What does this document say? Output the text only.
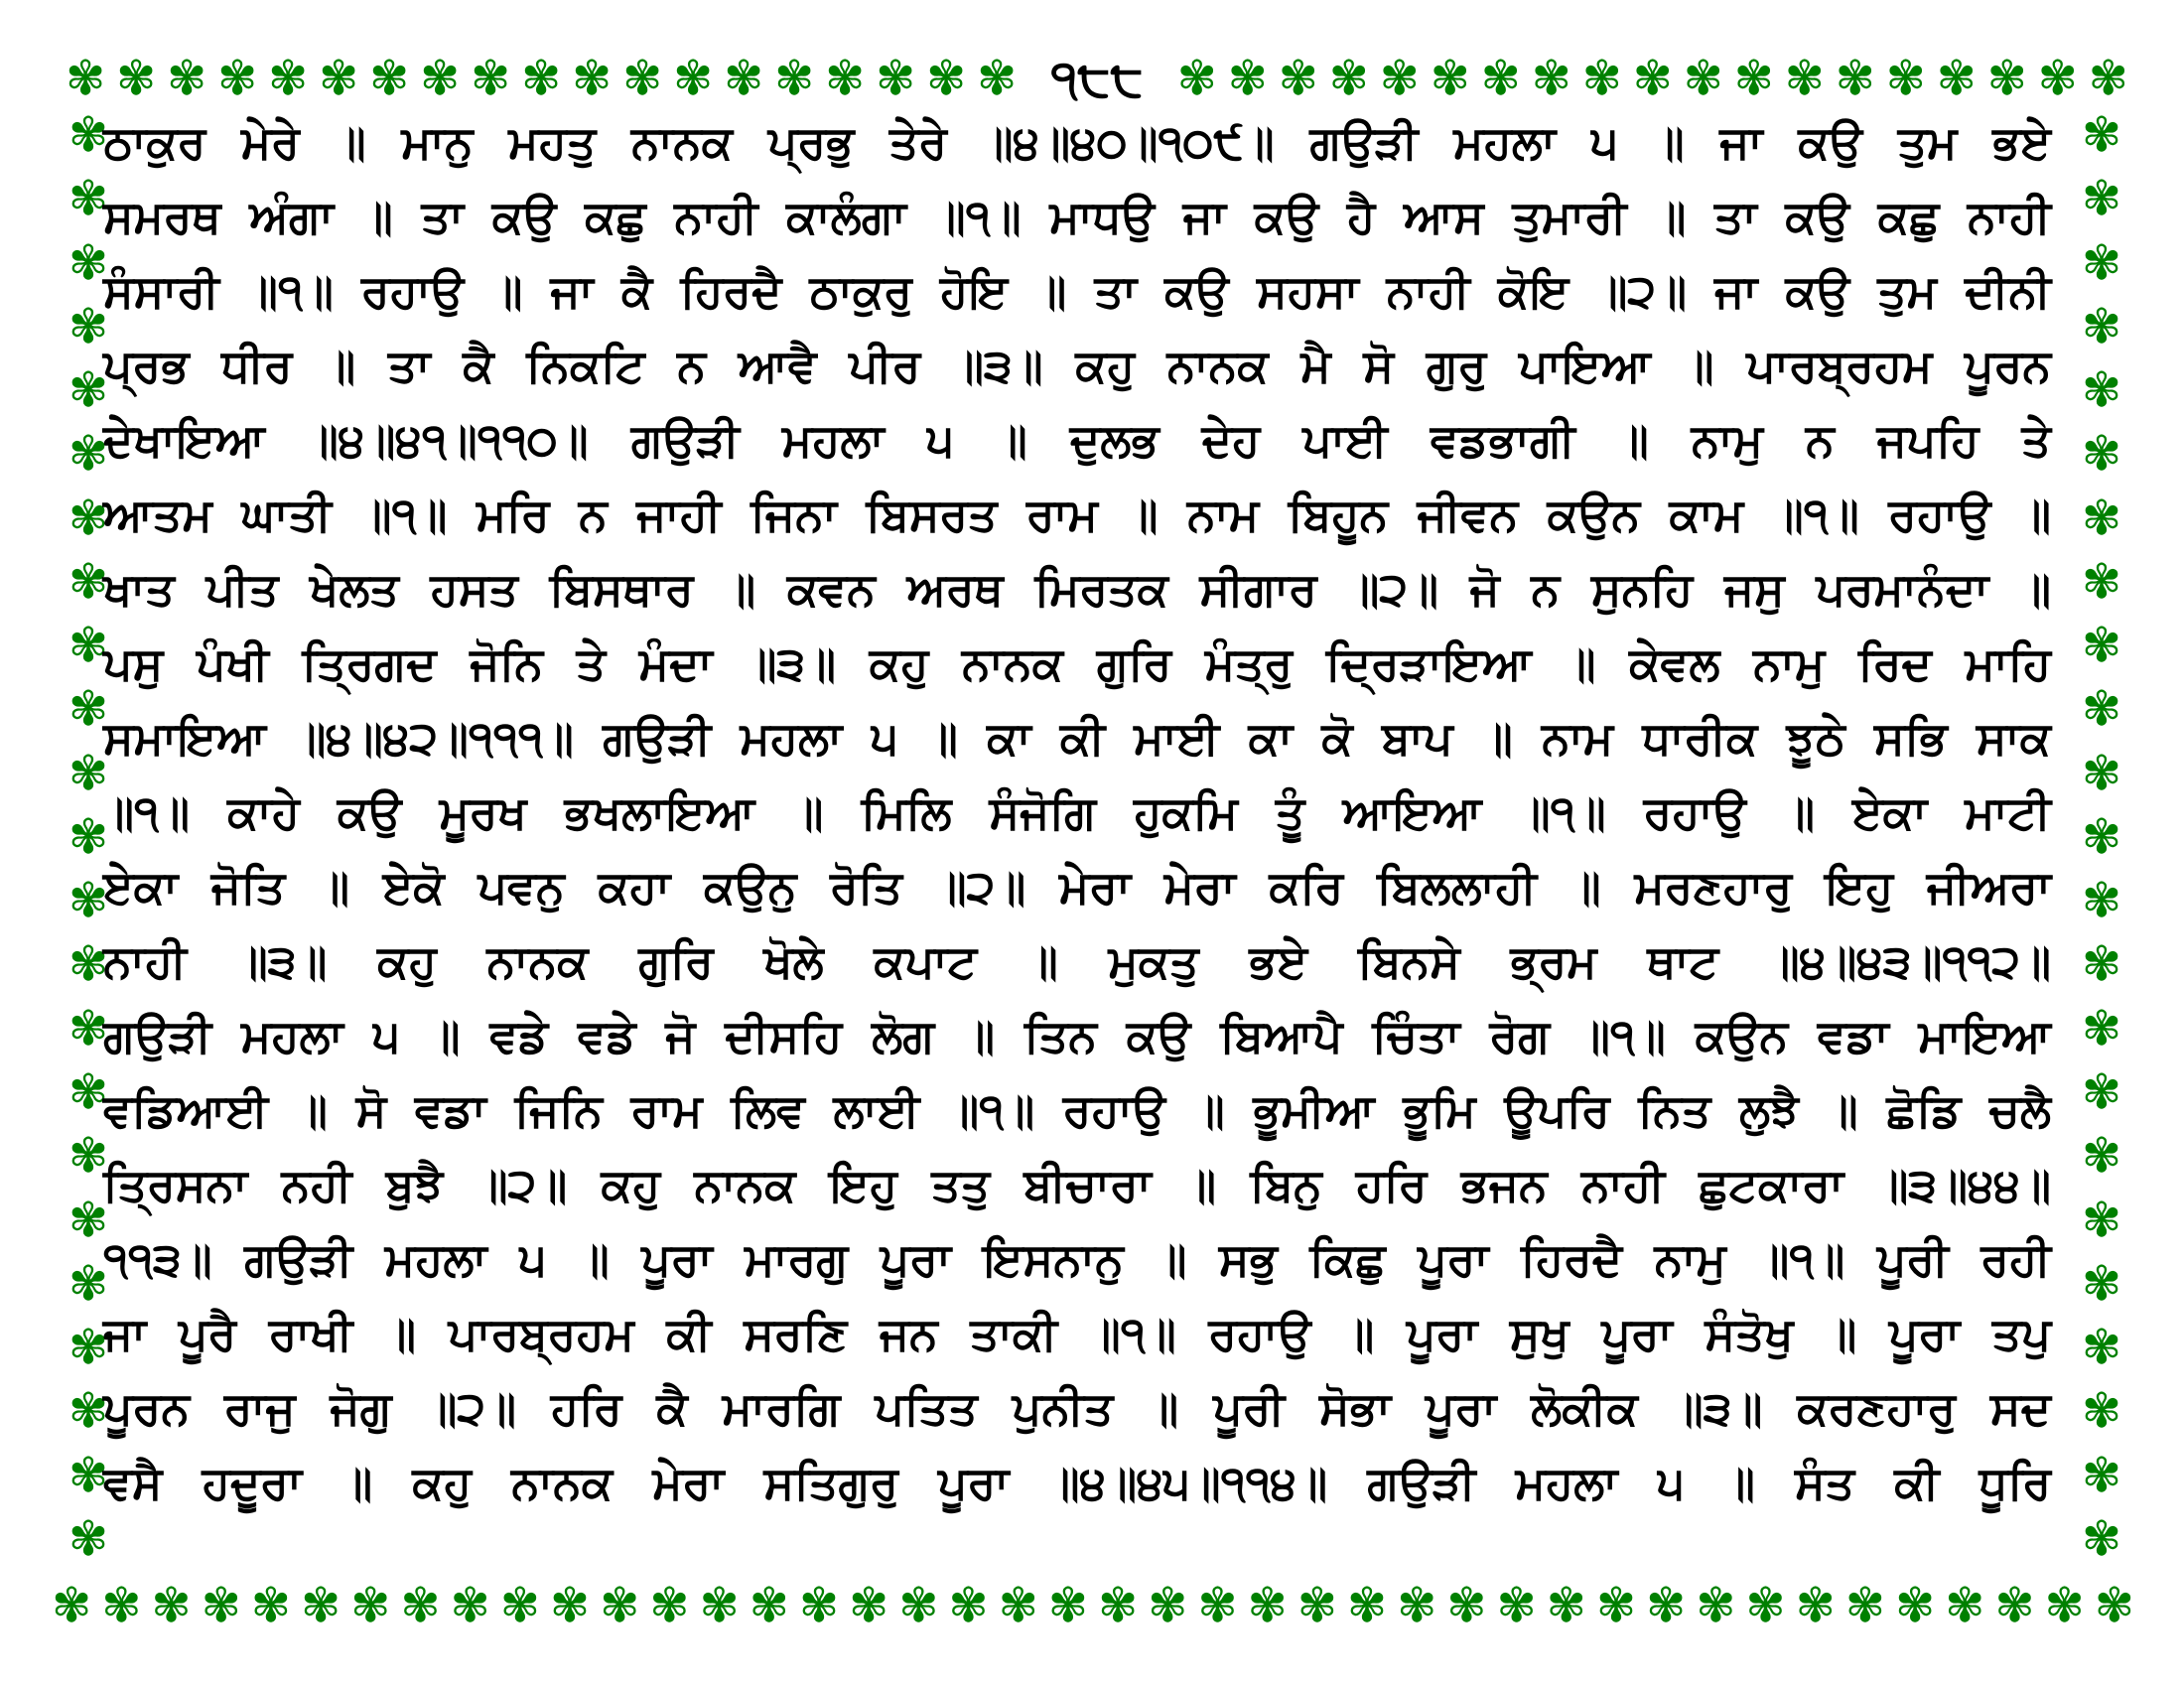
✾ ✾ ✾ ✾ ✾ ✾ ✾ ✾ ✾ ✾ ✾ ✾ ✾ ✾ ✾ ✾ ✾ ✾ ✾ ੧੮੮ ✾ ✾ ✾ ✾ ✾ ✾ ✾ ✾ ✾ ✾ ✾ ✾ ✾ ✾ ✾ ✾ ✾ ✾ ✾
✾
✾
✾
✾
✾
✾
✾
✾
✾
✾
✾
✾
✾
✾
✾
✾
✾
✾
✾
✾
✾
✾
✾
✾
✾
✾
✾
✾
✾
✾
✾
✾
✾
✾
✾
✾
✾
✾
✾
✾
✾
✾
✾
✾
✾
✾
✾ ✾ ✾ ✾ ✾ ✾ ✾ ✾ ✾ ✾ ✾ ✾ ✾ ✾ ✾ ✾ ✾ ✾ ✾ ✾ ✾ ✾ ✾ ✾ ✾ ✾ ✾ ✾ ✾ ✾ ✾ ✾ ✾ ✾ ✾ ✾ ✾ ✾ ✾ ✾ ✾ ✾
ਠਾਕੁਰ ਮੇਰੇ ॥ ਮਾਨੁ ਮਹਤੁ ਨਾਨਕ ਪ੍ਰਭੁ ਤੇਰੇ ॥੪॥੪੦॥੧੦੯॥ ਗਉੜੀ ਮਹਲਾ ੫ ॥ ਜਾ ਕਉ ਤੁਮ ਭਏ
ਸਮਰਥ ਅੰਗਾ ॥ ਤਾ ਕਉ ਕਛੁ ਨਾਹੀ ਕਾਲੰਗਾ ॥੧॥ ਮਾਧਉ ਜਾ ਕਉ ਹੈ ਆਸ ਤੁਮਾਰੀ ॥ ਤਾ ਕਉ ਕਛੁ ਨਾਹੀ
ਸੰਸਾਰੀ ॥੧॥ ਰਹਾਉ ॥ ਜਾ ਕੈ ਹਿਰਦੈ ਠਾਕੁਰੁ ਹੋਇ ॥ ਤਾ ਕਉ ਸਹਸਾ ਨਾਹੀ ਕੋਇ ॥੨॥ ਜਾ ਕਉ ਤੁਮ ਦੀਨੀ
ਪ੍ਰਭ ਧੀਰ ॥ ਤਾ ਕੈ ਨਿਕਟਿ ਨ ਆਵੈ ਪੀਰ ॥੩॥ ਕਹੁ ਨਾਨਕ ਮੈ ਸੋ ਗੁਰੁ ਪਾਇਆ ॥ ਪਾਰਬ੍ਰਹਮ ਪੂਰਨ
ਦੇਖਾਇਆ ॥੪॥੪੧॥੧੧੦॥ ਗਉੜੀ ਮਹਲਾ ੫ ॥ ਦੁਲਭ ਦੇਹ ਪਾਈ ਵਡਭਾਗੀ ॥ ਨਾਮੁ ਨ ਜਪਹਿ ਤੇ
ਆਤਮ ਘਾਤੀ ॥੧॥ ਮਰਿ ਨ ਜਾਹੀ ਜਿਨਾ ਬਿਸਰਤ ਰਾਮ ॥ ਨਾਮ ਬਿਹੂਨ ਜੀਵਨ ਕਉਨ ਕਾਮ ॥੧॥ ਰਹਾਉ ॥
ਖਾਤ ਪੀਤ ਖੇਲਤ ਹਸਤ ਬਿਸਥਾਰ ॥ ਕਵਨ ਅਰਥ ਮਿਰਤਕ ਸੀਗਾਰ ॥੨॥ ਜੋ ਨ ਸੁਨਹਿ ਜਸੁ ਪਰਮਾਨੰਦਾ ॥
ਪਸੁ ਪੰਖੀ ਤ੍ਰਿਗਦ ਜੋਨਿ ਤੇ ਮੰਦਾ ॥੩॥ ਕਹੁ ਨਾਨਕ ਗੁਰਿ ਮੰਤ੍ਰੁ ਦ੍ਰਿੜਾਇਆ ॥ ਕੇਵਲ ਨਾਮੁ ਰਿਦ ਮਾਹਿ
ਸਮਾਇਆ ॥੪॥੪੨॥੧੧੧॥ ਗਉੜੀ ਮਹਲਾ ੫ ॥ ਕਾ ਕੀ ਮਾਈ ਕਾ ਕੋ ਬਾਪ ॥ ਨਾਮ ਧਾਰੀਕ ਝੂਠੇ ਸਭਿ ਸਾਕ
॥੧॥ ਕਾਹੇ ਕਉ ਮੂਰਖ ਭਖਲਾਇਆ ॥ ਮਿਲਿ ਸੰਜੋਗਿ ਹੁਕਮਿ ਤੂੰ ਆਇਆ ॥੧॥ ਰਹਾਉ ॥ ਏਕਾ ਮਾਟੀ
ਏਕਾ ਜੋਤਿ ॥ ਏਕੋ ਪਵਨੁ ਕਹਾ ਕਉਨੁ ਰੋਤਿ ॥੨॥ ਮੇਰਾ ਮੇਰਾ ਕਰਿ ਬਿਲਲਾਹੀ ॥ ਮਰਣਹਾਰੁ ਇਹੁ ਜੀਅਰਾ
ਨਾਹੀ ॥੩॥ ਕਹੁ ਨਾਨਕ ਗੁਰਿ ਖੋਲੇ ਕਪਾਟ ॥ ਮੁਕਤੁ ਭਏ ਬਿਨਸੇ ਭ੍ਰਮ ਥਾਟ ॥੪॥੪੩॥੧੧੨॥
ਗਉੜੀ ਮਹਲਾ ੫ ॥ ਵਡੇ ਵਡੇ ਜੋ ਦੀਸਹਿ ਲੋਗ ॥ ਤਿਨ ਕਉ ਬਿਆਪੈ ਚਿੰਤਾ ਰੋਗ ॥੧॥ ਕਉਨ ਵਡਾ ਮਾਇਆ
ਵਡਿਆਈ ॥ ਸੋ ਵਡਾ ਜਿਨਿ ਰਾਮ ਲਿਵ ਲਾਈ ॥੧॥ ਰਹਾਉ ॥ ਭੂਮੀਆ ਭੂਮਿ ਊਪਰਿ ਨਿਤ ਲੁਝੈ ॥ ਛੋਡਿ ਚਲੈ
ਤ੍ਰਿਸਨਾ ਨਹੀ ਬੁਝੈ ॥੨॥ ਕਹੁ ਨਾਨਕ ਇਹੁ ਤਤੁ ਬੀਚਾਰਾ ॥ ਬਿਨੁ ਹਰਿ ਭਜਨ ਨਾਹੀ ਛੁਟਕਾਰਾ ॥੩॥੪੪॥
੧੧੩॥ ਗਉੜੀ ਮਹਲਾ ੫ ॥ ਪੂਰਾ ਮਾਰਗੁ ਪੂਰਾ ਇਸਨਾਨੁ ॥ ਸਭੁ ਕਿਛੁ ਪੂਰਾ ਹਿਰਦੈ ਨਾਮੁ ॥੧॥ ਪੂਰੀ ਰਹੀ
ਜਾ ਪੂਰੈ ਰਾਖੀ ॥ ਪਾਰਬ੍ਰਹਮ ਕੀ ਸਰਣਿ ਜਨ ਤਾਕੀ ॥੧॥ ਰਹਾਉ ॥ ਪੂਰਾ ਸੁਖੁ ਪੂਰਾ ਸੰਤੋਖੁ ॥ ਪੂਰਾ ਤਪੁ
ਪੂਰਨ ਰਾਜੁ ਜੋਗੁ ॥੨॥ ਹਰਿ ਕੈ ਮਾਰਗਿ ਪਤਿਤ ਪੁਨੀਤ ॥ ਪੂਰੀ ਸੋਭਾ ਪੂਰਾ ਲੋਕੀਕ ॥੩॥ ਕਰਣਹਾਰੁ ਸਦ
ਵਸੈ ਹਦੂਰਾ ॥ ਕਹੁ ਨਾਨਕ ਮੇਰਾ ਸਤਿਗੁਰੁ ਪੂਰਾ ॥੪॥੪੫॥੧੧੪॥ ਗਉੜੀ ਮਹਲਾ ੫ ॥ ਸੰਤ ਕੀ ਧੂਰਿ
